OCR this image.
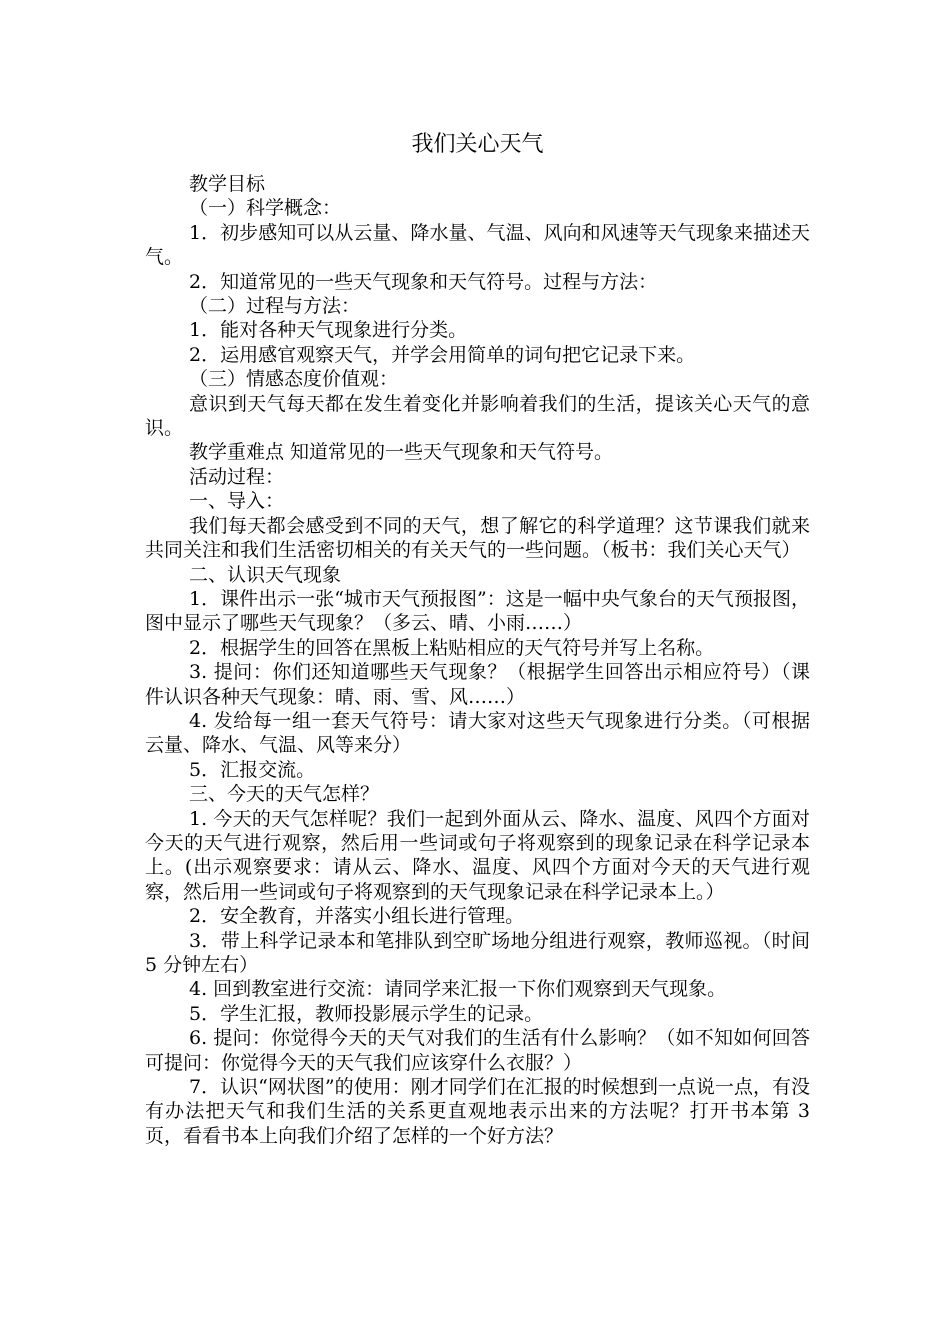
我们关心天气

教学目标

（一）科学概念：

1．初步感知可以从云量、降水量、气温、风向和风速等天气现象来描述天气。

2．知道常见的一些天气现象和天气符号。过程与方法：

（二）过程与方法：

1．能对各种天气现象进行分类。

2．运用感官观察天气，并学会用简单的词句把它记录下来。

（三）情感态度价值观：

意识到天气每天都在发生着变化并影响着我们的生活，提该关心天气的意识。

教学重难点 知道常见的一些天气现象和天气符号。

活动过程：

一、导入：

我们每天都会感受到不同的天气，想了解它的科学道理？这节课我们就来共同关注和我们生活密切相关的有关天气的一些问题。（板书：我们关心天气）

二、认识天气现象

1．课件出示一张“城市天气预报图”：这是一幅中央气象台的天气预报图，图中显示了哪些天气现象？（多云、晴、小雨……）

2．根据学生的回答在黑板上粘贴相应的天气符号并写上名称。

3. 提问：你们还知道哪些天气现象？（根据学生回答出示相应符号）（课件认识各种天气现象：晴、雨、雪、风……）

4. 发给每一组一套天气符号：请大家对这些天气现象进行分类。（可根据云量、降水、气温、风等来分）

5．汇报交流。

三、今天的天气怎样？

1. 今天的天气怎样呢？我们一起到外面从云、降水、温度、风四个方面对今天的天气进行观察，然后用一些词或句子将观察到的现象记录在科学记录本上。(出示观察要求：请从云、降水、温度、风四个方面对今天的天气进行观察，然后用一些词或句子将观察到的天气现象记录在科学记录本上。）

2．安全教育，并落实小组长进行管理。

3．带上科学记录本和笔排队到空旷场地分组进行观察，教师巡视。（时间 5 分钟左右）

4. 回到教室进行交流：请同学来汇报一下你们观察到天气现象。

5．学生汇报，教师投影展示学生的记录。

6. 提问：你觉得今天的天气对我们的生活有什么影响？（如不知如何回答可提问：你觉得今天的天气我们应该穿什么衣服？）

7．认识“网状图”的使用：刚才同学们在汇报的时候想到一点说一点，有没有办法把天气和我们生活的关系更直观地表示出来的方法呢？打开书本第 3 页，看看书本上向我们介绍了怎样的一个好方法？
